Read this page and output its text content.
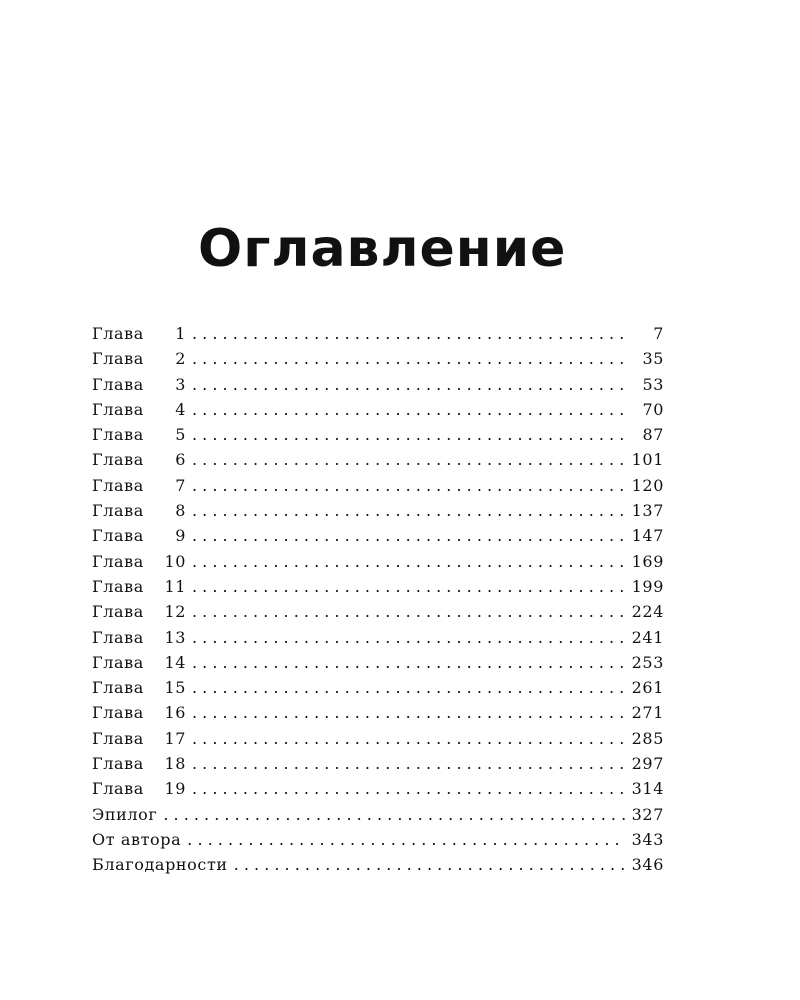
Оглавление
Глава	1 . . .	7
Глава	2 . . .	35
Глава	3 . . .	53
Глава	4 . . .	70
Глава	5 . . .	87
Глава	6 . . .	101
Глава	7 . . .	120
Глава	8 . . .	137
Глава	9 . . .	147
Глава	10 . . .	169
Глава	11 . . .	199
Глава	12 . . .	224
Глава	13 . . .	241
Глава	14 . . .	253
Глава	15 . . .	261
Глава	16 . . .	271
Глава	17 . . .	285
Глава	18 . . .	297
Глава	19 . . .	314
Эпилог . . .	327
От автора . . .	343
Благодарности . . .	346
